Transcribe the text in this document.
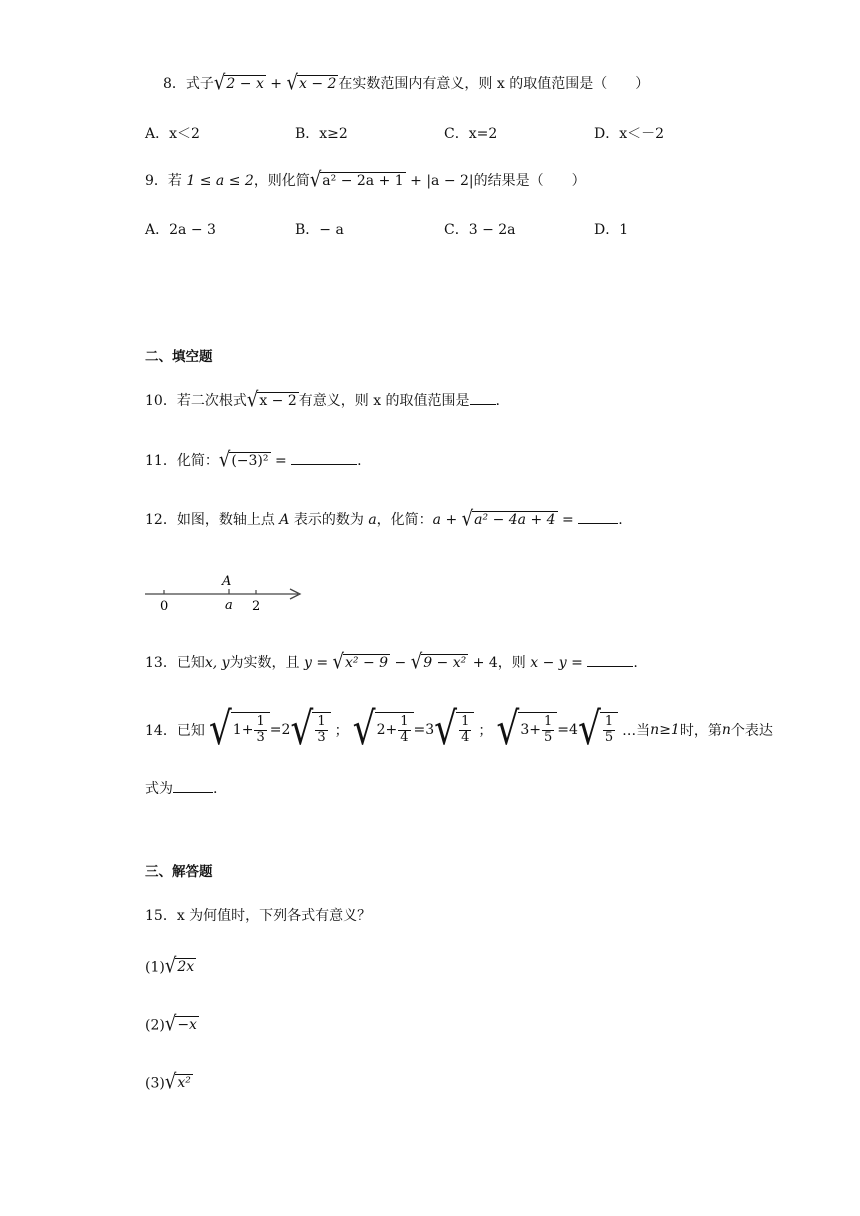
8．式子 √ 2 − x + √ x − 2 在实数范围内有意义，则 x 的取值范围是（　　）
A．x＜2	B．x≥2	C．x=2	D．x＜－2
9．若 1 ≤ a ≤ 2，则化简 √ a² − 2a + 1 + |a − 2|的结果是（　　）
A．2a − 3	B．− a	C．3 − 2a	D．1
二、填空题
10．若二次根式 √ x − 2 有意义，则 x 的取值范围是 .
11．化简： √ (−3)² =	.
12．如图，数轴上点 A 表示的数为 a，化简：a + √ a² − 4a + 4 =	.
A
0	a 2
13．已知x, y为实数，且 y = √ x² − 9 − √ 9 − x² + 4，则 x − y =	.
14． 已知 √ $1 + \frac{1}{3} = 2$ √ $\frac{1}{3}$ ； √ $2 + \frac{1}{4} = 3$ √ $\frac{1}{4}$ ； √ $3 + \frac{1}{5} = 4$ √ $\frac{1}{5}$ …当 n≥1 时，第 n 个表达
式为	.
三、解答题
15．x 为何值时，下列各式有意义？
(1) √ 2x
(2) √ −x
(3) √ x²
